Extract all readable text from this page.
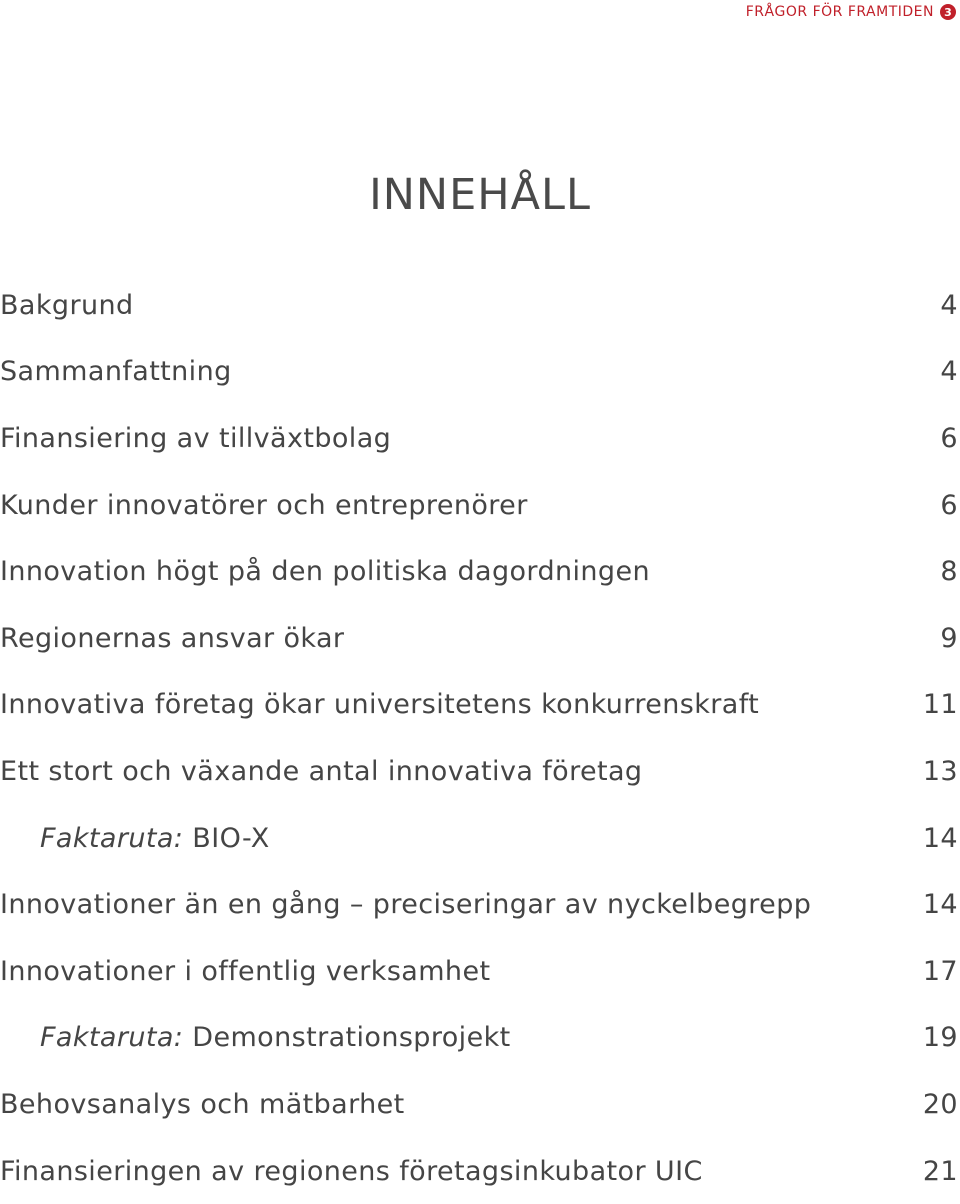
FRÅGOR FÖR FRAMTIDEN 3
INNEHÅLL
Bakgrund	4
Sammanfattning	4
Finansiering av tillväxtbolag	6
Kunder innovatörer och entreprenörer	6
Innovation högt på den politiska dagordningen	8
Regionernas ansvar ökar	9
Innovativa företag ökar universitetens konkurrenskraft	11
Ett stort och växande antal innovativa företag	13
Faktaruta: BIO-X	14
Innovationer än en gång – preciseringar av nyckelbegrepp	14
Innovationer i offentlig verksamhet	17
Faktaruta: Demonstrationsprojekt	19
Behovsanalys och mätbarhet	20
Finansieringen av regionens företagsinkubator UIC	21
